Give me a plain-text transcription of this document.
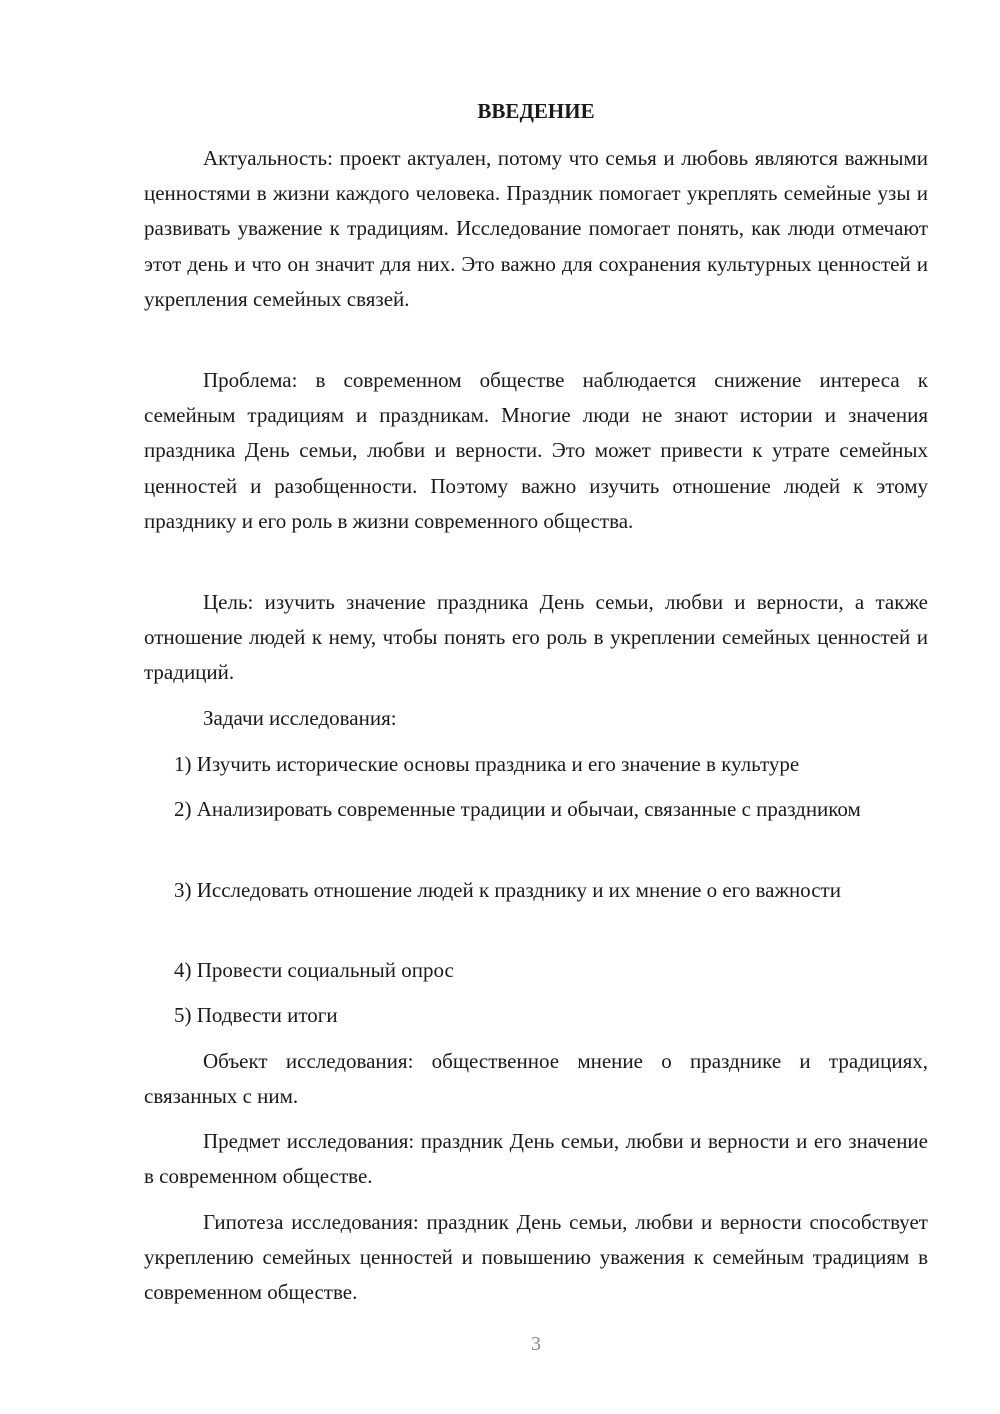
ВВЕДЕНИЕ

Актуальность: проект актуален, потому что семья и любовь являются важными ценностями в жизни каждого человека. Праздник помогает укреплять семейные узы и развивать уважение к традициям. Исследование помогает понять, как люди отмечают этот день и что он значит для них. Это важно для сохранения культурных ценностей и укрепления семейных связей.

Проблема: в современном обществе наблюдается снижение интереса к семейным традициям и праздникам. Многие люди не знают истории и значения праздника День семьи, любви и верности. Это может привести к утрате семейных ценностей и разобщенности. Поэтому важно изучить отношение людей к этому празднику и его роль в жизни современного общества.

Цель: изучить значение праздника День семьи, любви и верности, а также отношение людей к нему, чтобы понять его роль в укреплении семейных ценностей и традиций.

Задачи исследования:

1) Изучить исторические основы праздника и его значение в культуре

2) Анализировать современные традиции и обычаи, связанные с праздником

3) Исследовать отношение людей к празднику и их мнение о его важности

4) Провести социальный опрос

5) Подвести итоги

Объект исследования: общественное мнение о празднике и традициях, связанных с ним.

Предмет исследования: праздник День семьи, любви и верности и его значение в современном обществе.

Гипотеза исследования: праздник День семьи, любви и верности способствует укреплению семейных ценностей и повышению уважения к семейным традициям в современном обществе.

3
